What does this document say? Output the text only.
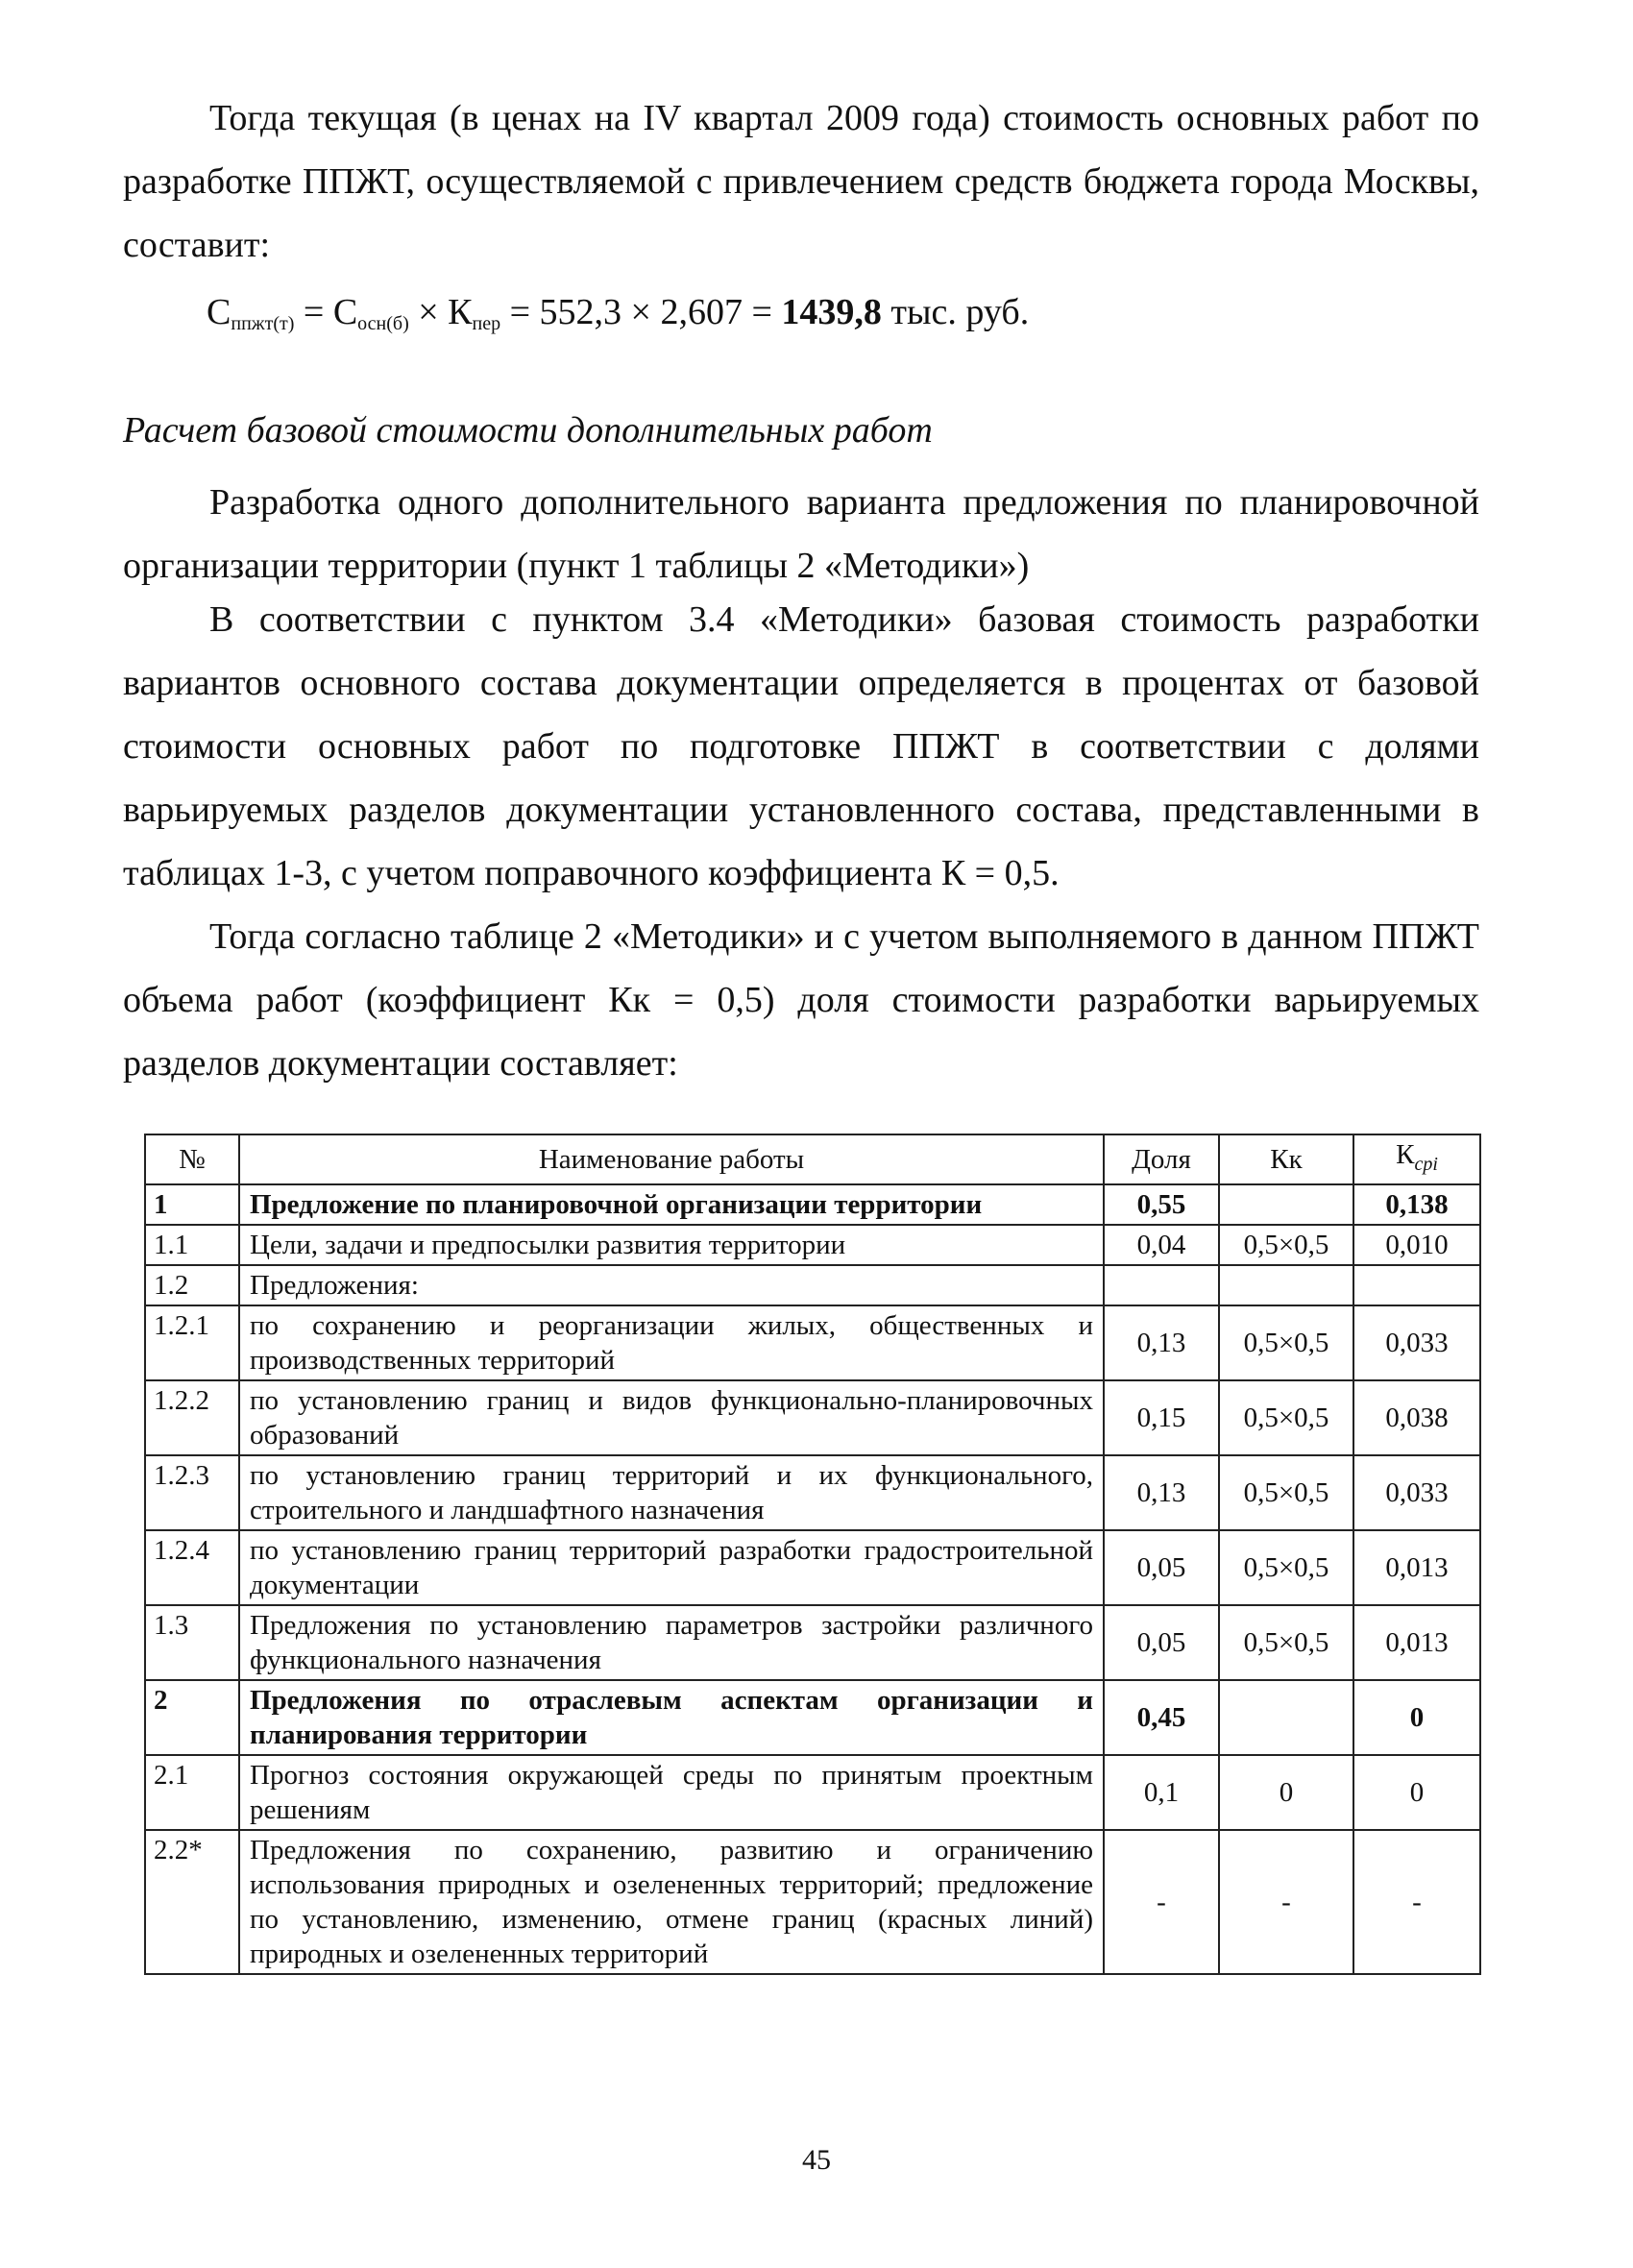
Тогда текущая (в ценах на IV квартал 2009 года) стоимость основных работ по разработке ППЖТ, осуществляемой с привлечением средств бюджета города Москвы, составит:

$С_{ппжт(т)} = С_{осн(б)} \times К_{пер} = 552,3 \times 2,607 = 1439,8$ тыс. руб.
Расчет базовой стоимости дополнительных работ

Разработка одного дополнительного варианта предложения по планировочной организации территории (пункт 1 таблицы 2 «Методики»)

В соответствии с пунктом 3.4 «Методики» базовая стоимость разработки вариантов основного состава документации определяется в процентах от базовой стоимости основных работ по подготовке ППЖТ в соответствии с долями варьируемых разделов документации установленного состава, представленными в таблицах 1-3, с учетом поправочного коэффициента К = 0,5.

Тогда согласно таблице 2 «Методики» и с учетом выполняемого в данном ППЖТ объема работ (коэффициент Кк = 0,5) доля стоимости разработки варьируемых разделов документации составляет:

№	Наименование работы	Доля	Кк	$К_{срi}$
1	Предложение по планировочной организации территории	0,55		0,138
1.1	Цели, задачи и предпосылки развития территории	0,04	0,5×0,5	0,010
1.2	Предложения:			
1.2.1	по сохранению и реорганизации жилых, общественных и производственных территорий	0,13	0,5×0,5	0,033
1.2.2	по установлению границ и видов функционально-планировочных образований	0,15	0,5×0,5	0,038
1.2.3	по установлению границ территорий и их функционального, строительного и ландшафтного назначения	0,13	0,5×0,5	0,033
1.2.4	по установлению границ территорий разработки градостроительной документации	0,05	0,5×0,5	0,013
1.3	Предложения по установлению параметров застройки различного функционального назначения	0,05	0,5×0,5	0,013
2	Предложения по отраслевым аспектам организации и планирования территории	0,45		0
2.1	Прогноз состояния окружающей среды по принятым проектным решениям	0,1	0	0
2.2*	Предложения по сохранению, развитию и ограничению использования природных и озелененных территорий; предложение по установлению, изменению, отмене границ (красных линий) природных и озелененных территорий	-	-	-
45
